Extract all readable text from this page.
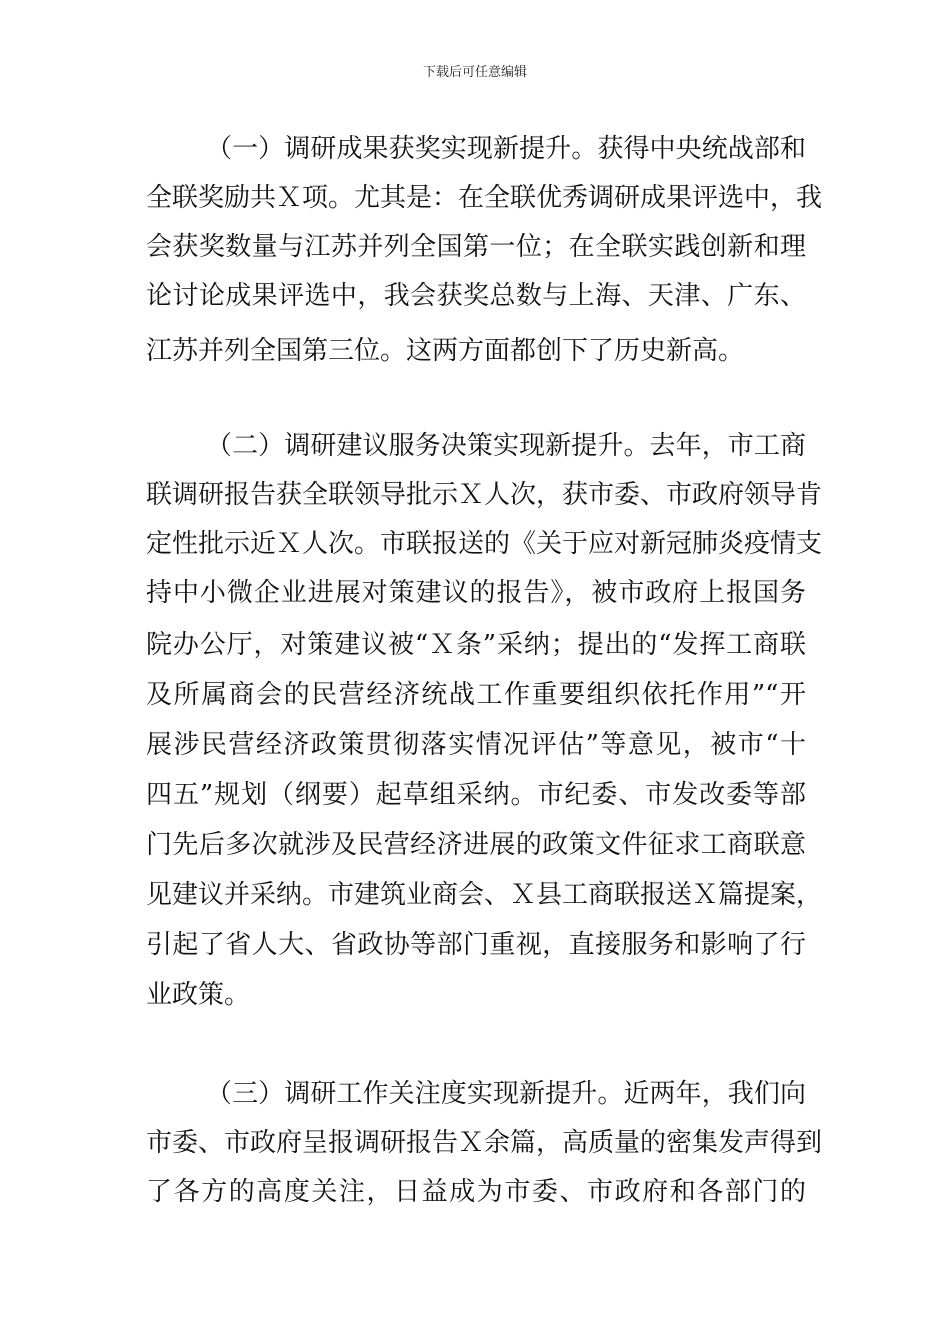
下载后可任意编辑
（一）调研成果获奖实现新提升。获得中央统战部和
全联奖励共Ｘ项。尤其是：在全联优秀调研成果评选中，我
会获奖数量与江苏并列全国第一位；在全联实践创新和理
论讨论成果评选中，我会获奖总数与上海、天津、广东、
江苏并列全国第三位。这两方面都创下了历史新高。
（二）调研建议服务决策实现新提升。去年，市工商
联调研报告获全联领导批示Ｘ人次，获市委、市政府领导肯
定性批示近Ｘ人次。市联报送的《关于应对新冠肺炎疫情支
持中小微企业进展对策建议的报告》，被市政府上报国务
院办公厅，对策建议被“Ｘ条”采纳；提出的“发挥工商联
及所属商会的民营经济统战工作重要组织依托作用”“开
展涉民营经济政策贯彻落实情况评估”等意见，被市“十
四五”规划（纲要）起草组采纳。市纪委、市发改委等部
门先后多次就涉及民营经济进展的政策文件征求工商联意
见建议并采纳。市建筑业商会、Ｘ县工商联报送Ｘ篇提案，
引起了省人大、省政协等部门重视，直接服务和影响了行
业政策。
（三）调研工作关注度实现新提升。近两年，我们向
市委、市政府呈报调研报告Ｘ余篇，高质量的密集发声得到
了各方的高度关注，日益成为市委、市政府和各部门的
